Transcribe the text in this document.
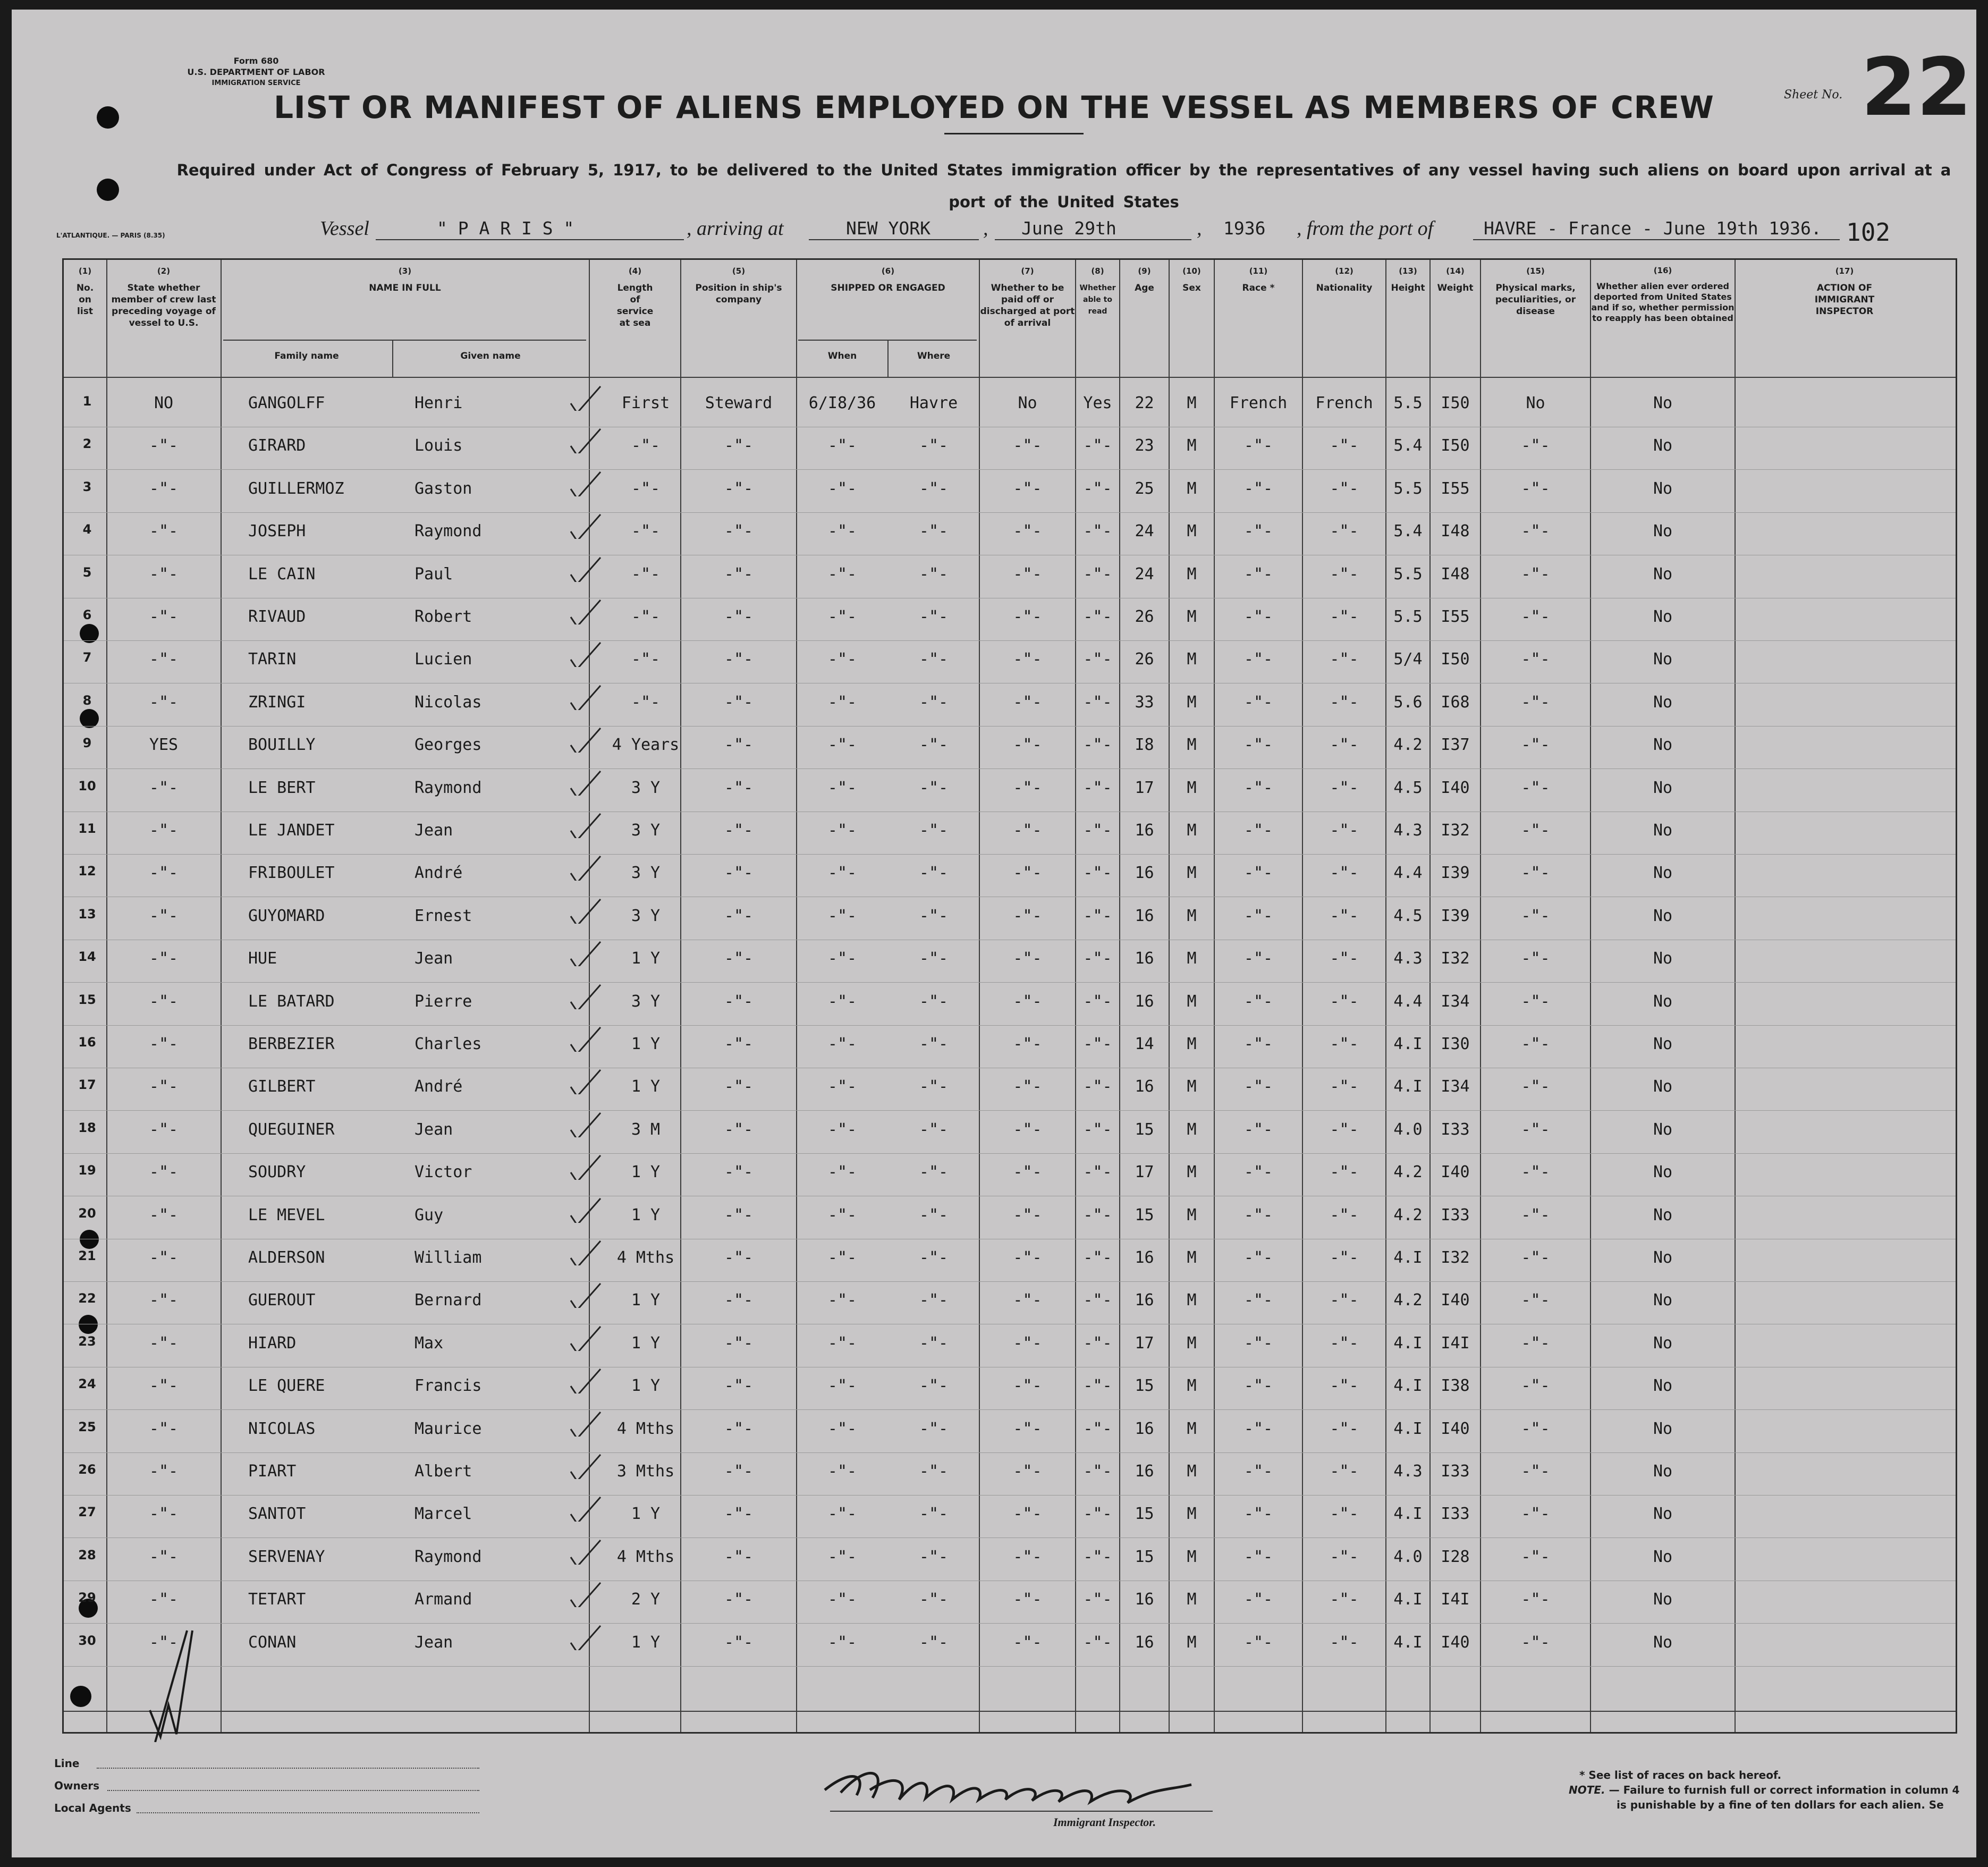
Form 680
U.S. DEPARTMENT OF LABOR
IMMIGRATION SERVICE
LIST OR MANIFEST OF ALIENS EMPLOYED ON THE VESSEL AS MEMBERS OF CREW	Sheet No. 22
Required under Act of Congress of February 5, 1917, to be delivered to the United States immigration officer by the representatives of any vessel having such aliens on board upon arrival at a
port of the United States
Vessel	" P A R I S "	, arriving at	NEW YORK	, June 29th	, 1936 , from the port of	HAVRE - France - June 19th 1936. 102
L'ATLANTIQUE. — PARIS (8.35)
(1)
No. on list
(2)
State whether member of crew last preceding voyage of vessel to U.S.
(3)
NAME IN FULL
Family name	Given name
(4)
Length of service at sea
(5)
Position in ship's company
(6)
SHIPPED OR ENGAGED
When	Where
(7)
Whether to be paid off or discharged at port of arrival
(8)
Whether able to read
(9)
Age
(10)
Sex
(11)
Race *
(12)
Nationality
(13)
Height
(14)
Weight
(15)
Physical marks, peculiarities, or disease
(16)
Whether alien ever ordered deported from United States and if so, whether permission to reapply has been obtained
(17)
ACTION OF IMMIGRANT INSPECTOR
1	NO	GANGOLFF	Henri	First	Steward	6/I8/36	Havre	No	Yes	22	M	French	French	5.5	I50	No	No
2	-"-	GIRARD	Louis	-"-	-"-	-"-	-"-	-"-	-"-	23	M	-"-	-"-	5.4	I50	-"-	No
3	-"-	GUILLERMOZ	Gaston	-"-	-"-	-"-	-"-	-"-	-"-	25	M	-"-	-"-	5.5	I55	-"-	No
4	-"-	JOSEPH	Raymond	-"-	-"-	-"-	-"-	-"-	-"-	24	M	-"-	-"-	5.4	I48	-"-	No
5	-"-	LE CAIN	Paul	-"-	-"-	-"-	-"-	-"-	-"-	24	M	-"-	-"-	5.5	I48	-"-	No
6	-"-	RIVAUD	Robert	-"-	-"-	-"-	-"-	-"-	-"-	26	M	-"-	-"-	5.5	I55	-"-	No
7	-"-	TARIN	Lucien	-"-	-"-	-"-	-"-	-"-	-"-	26	M	-"-	-"-	5/4	I50	-"-	No
8	-"-	ZRINGI	Nicolas	-"-	-"-	-"-	-"-	-"-	-"-	33	M	-"-	-"-	5.6	I68	-"-	No
9	YES	BOUILLY	Georges	4 Years	-"-	-"-	-"-	-"-	-"-	I8	M	-"-	-"-	4.2	I37	-"-	No
10	-"-	LE BERT	Raymond	3 Y	-"-	-"-	-"-	-"-	-"-	17	M	-"-	-"-	4.5	I40	-"-	No
11	-"-	LE JANDET	Jean	3 Y	-"-	-"-	-"-	-"-	-"-	16	M	-"-	-"-	4.3	I32	-"-	No
12	-"-	FRIBOULET	André	3 Y	-"-	-"-	-"-	-"-	-"-	16	M	-"-	-"-	4.4	I39	-"-	No
13	-"-	GUYOMARD	Ernest	3 Y	-"-	-"-	-"-	-"-	-"-	16	M	-"-	-"-	4.5	I39	-"-	No
14	-"-	HUE	Jean	1 Y	-"-	-"-	-"-	-"-	-"-	16	M	-"-	-"-	4.3	I32	-"-	No
15	-"-	LE BATARD	Pierre	3 Y	-"-	-"-	-"-	-"-	-"-	16	M	-"-	-"-	4.4	I34	-"-	No
16	-"-	BERBEZIER	Charles	1 Y	-"-	-"-	-"-	-"-	-"-	14	M	-"-	-"-	4.I	I30	-"-	No
17	-"-	GILBERT	André	1 Y	-"-	-"-	-"-	-"-	-"-	16	M	-"-	-"-	4.I	I34	-"-	No
18	-"-	QUEGUINER	Jean	3 M	-"-	-"-	-"-	-"-	-"-	15	M	-"-	-"-	4.0	I33	-"-	No
19	-"-	SOUDRY	Victor	1 Y	-"-	-"-	-"-	-"-	-"-	17	M	-"-	-"-	4.2	I40	-"-	No
20	-"-	LE MEVEL	Guy	1 Y	-"-	-"-	-"-	-"-	-"-	15	M	-"-	-"-	4.2	I33	-"-	No
21	-"-	ALDERSON	William	4 Mths	-"-	-"-	-"-	-"-	-"-	16	M	-"-	-"-	4.I	I32	-"-	No
22	-"-	GUEROUT	Bernard	1 Y	-"-	-"-	-"-	-"-	-"-	16	M	-"-	-"-	4.2	I40	-"-	No
23	-"-	HIARD	Max	1 Y	-"-	-"-	-"-	-"-	-"-	17	M	-"-	-"-	4.I	I4I	-"-	No
24	-"-	LE QUERE	Francis	1 Y	-"-	-"-	-"-	-"-	-"-	15	M	-"-	-"-	4.I	I38	-"-	No
25	-"-	NICOLAS	Maurice	4 Mths	-"-	-"-	-"-	-"-	-"-	16	M	-"-	-"-	4.I	I40	-"-	No
26	-"-	PIART	Albert	3 Mths	-"-	-"-	-"-	-"-	-"-	16	M	-"-	-"-	4.3	I33	-"-	No
27	-"-	SANTOT	Marcel	1 Y	-"-	-"-	-"-	-"-	-"-	15	M	-"-	-"-	4.I	I33	-"-	No
28	-"-	SERVENAY	Raymond	4 Mths	-"-	-"-	-"-	-"-	-"-	15	M	-"-	-"-	4.0	I28	-"-	No
29	-"-	TETART	Armand	2 Y	-"-	-"-	-"-	-"-	-"-	16	M	-"-	-"-	4.I	I4I	-"-	No
30	-"-	CONAN	Jean	1 Y	-"-	-"-	-"-	-"-	-"-	16	M	-"-	-"-	4.I	I40	-"-	No
Line
Owners
Local Agents
Immigrant Inspector.
* See list of races on back hereof.
NOTE. — Failure to furnish full or correct information in column 4
is punishable by a fine of ten dollars for each alien. Se
